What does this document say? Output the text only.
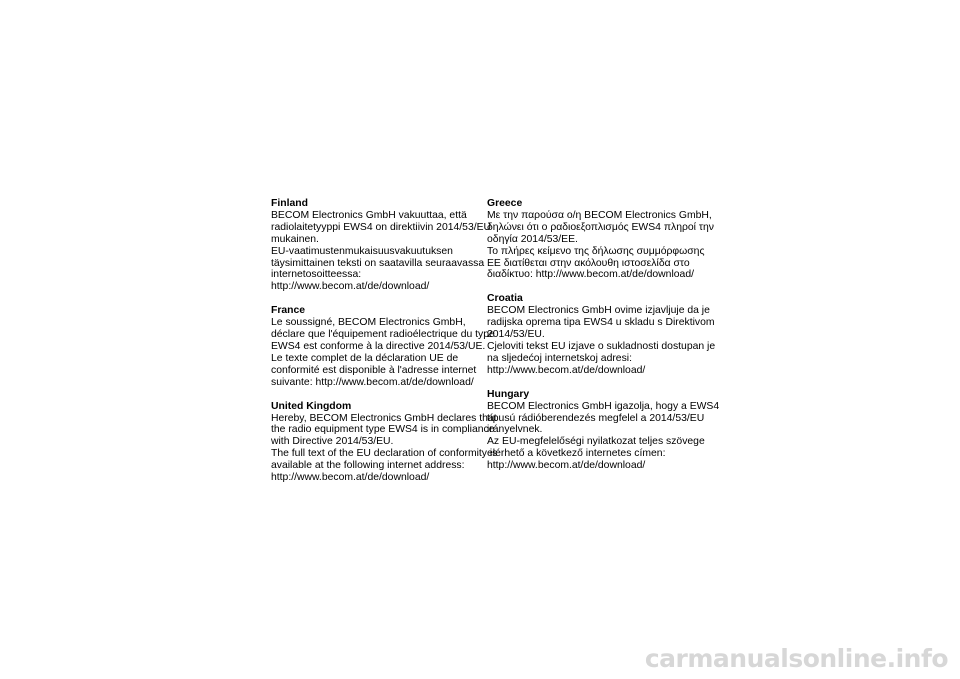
Finland
BECOM Electronics GmbH vakuuttaa, että
radiolaitetyyppi EWS4 on direktiivin 2014/53/EU
mukainen.
EU-vaatimustenmukaisuusvakuutuksen
täysimittainen teksti on saatavilla seuraavassa
internetosoitteessa:
http://www.becom.at/de/download/
France
Le soussigné, BECOM Electronics GmbH,
déclare que l'équipement radioélectrique du type
EWS4 est conforme à la directive 2014/53/UE.
Le texte complet de la déclaration UE de
conformité est disponible à l'adresse internet
suivante: http://www.becom.at/de/download/
United Kingdom
Hereby, BECOM Electronics GmbH declares that
the radio equipment type EWS4 is in compliance
with Directive 2014/53/EU.
The full text of the EU declaration of conformity is
available at the following internet address:
http://www.becom.at/de/download/
Greece
Με την παρούσα ο/η BECOM Electronics GmbH,
δηλώνει ότι ο ραδιοεξοπλισμός EWS4 πληροί την
οδηγία 2014/53/ΕΕ.
Το πλήρες κείμενο της δήλωσης συμμόρφωσης
ΕΕ διατίθεται στην ακόλουθη ιστοσελίδα στο
διαδίκτυο: http://www.becom.at/de/download/
Croatia
BECOM Electronics GmbH ovime izjavljuje da je
radijska oprema tipa EWS4 u skladu s Direktivom
2014/53/EU.
Cjeloviti tekst EU izjave o sukladnosti dostupan je
na sljedećoj internetskoj adresi:
http://www.becom.at/de/download/
Hungary
BECOM Electronics GmbH igazolja, hogy a EWS4
típusú rádióberendezés megfelel a 2014/53/EU
irányelvnek.
Az EU-megfelelőségi nyilatkozat teljes szövege
elérhető a következő internetes címen:
http://www.becom.at/de/download/
carmanualsonline.info
